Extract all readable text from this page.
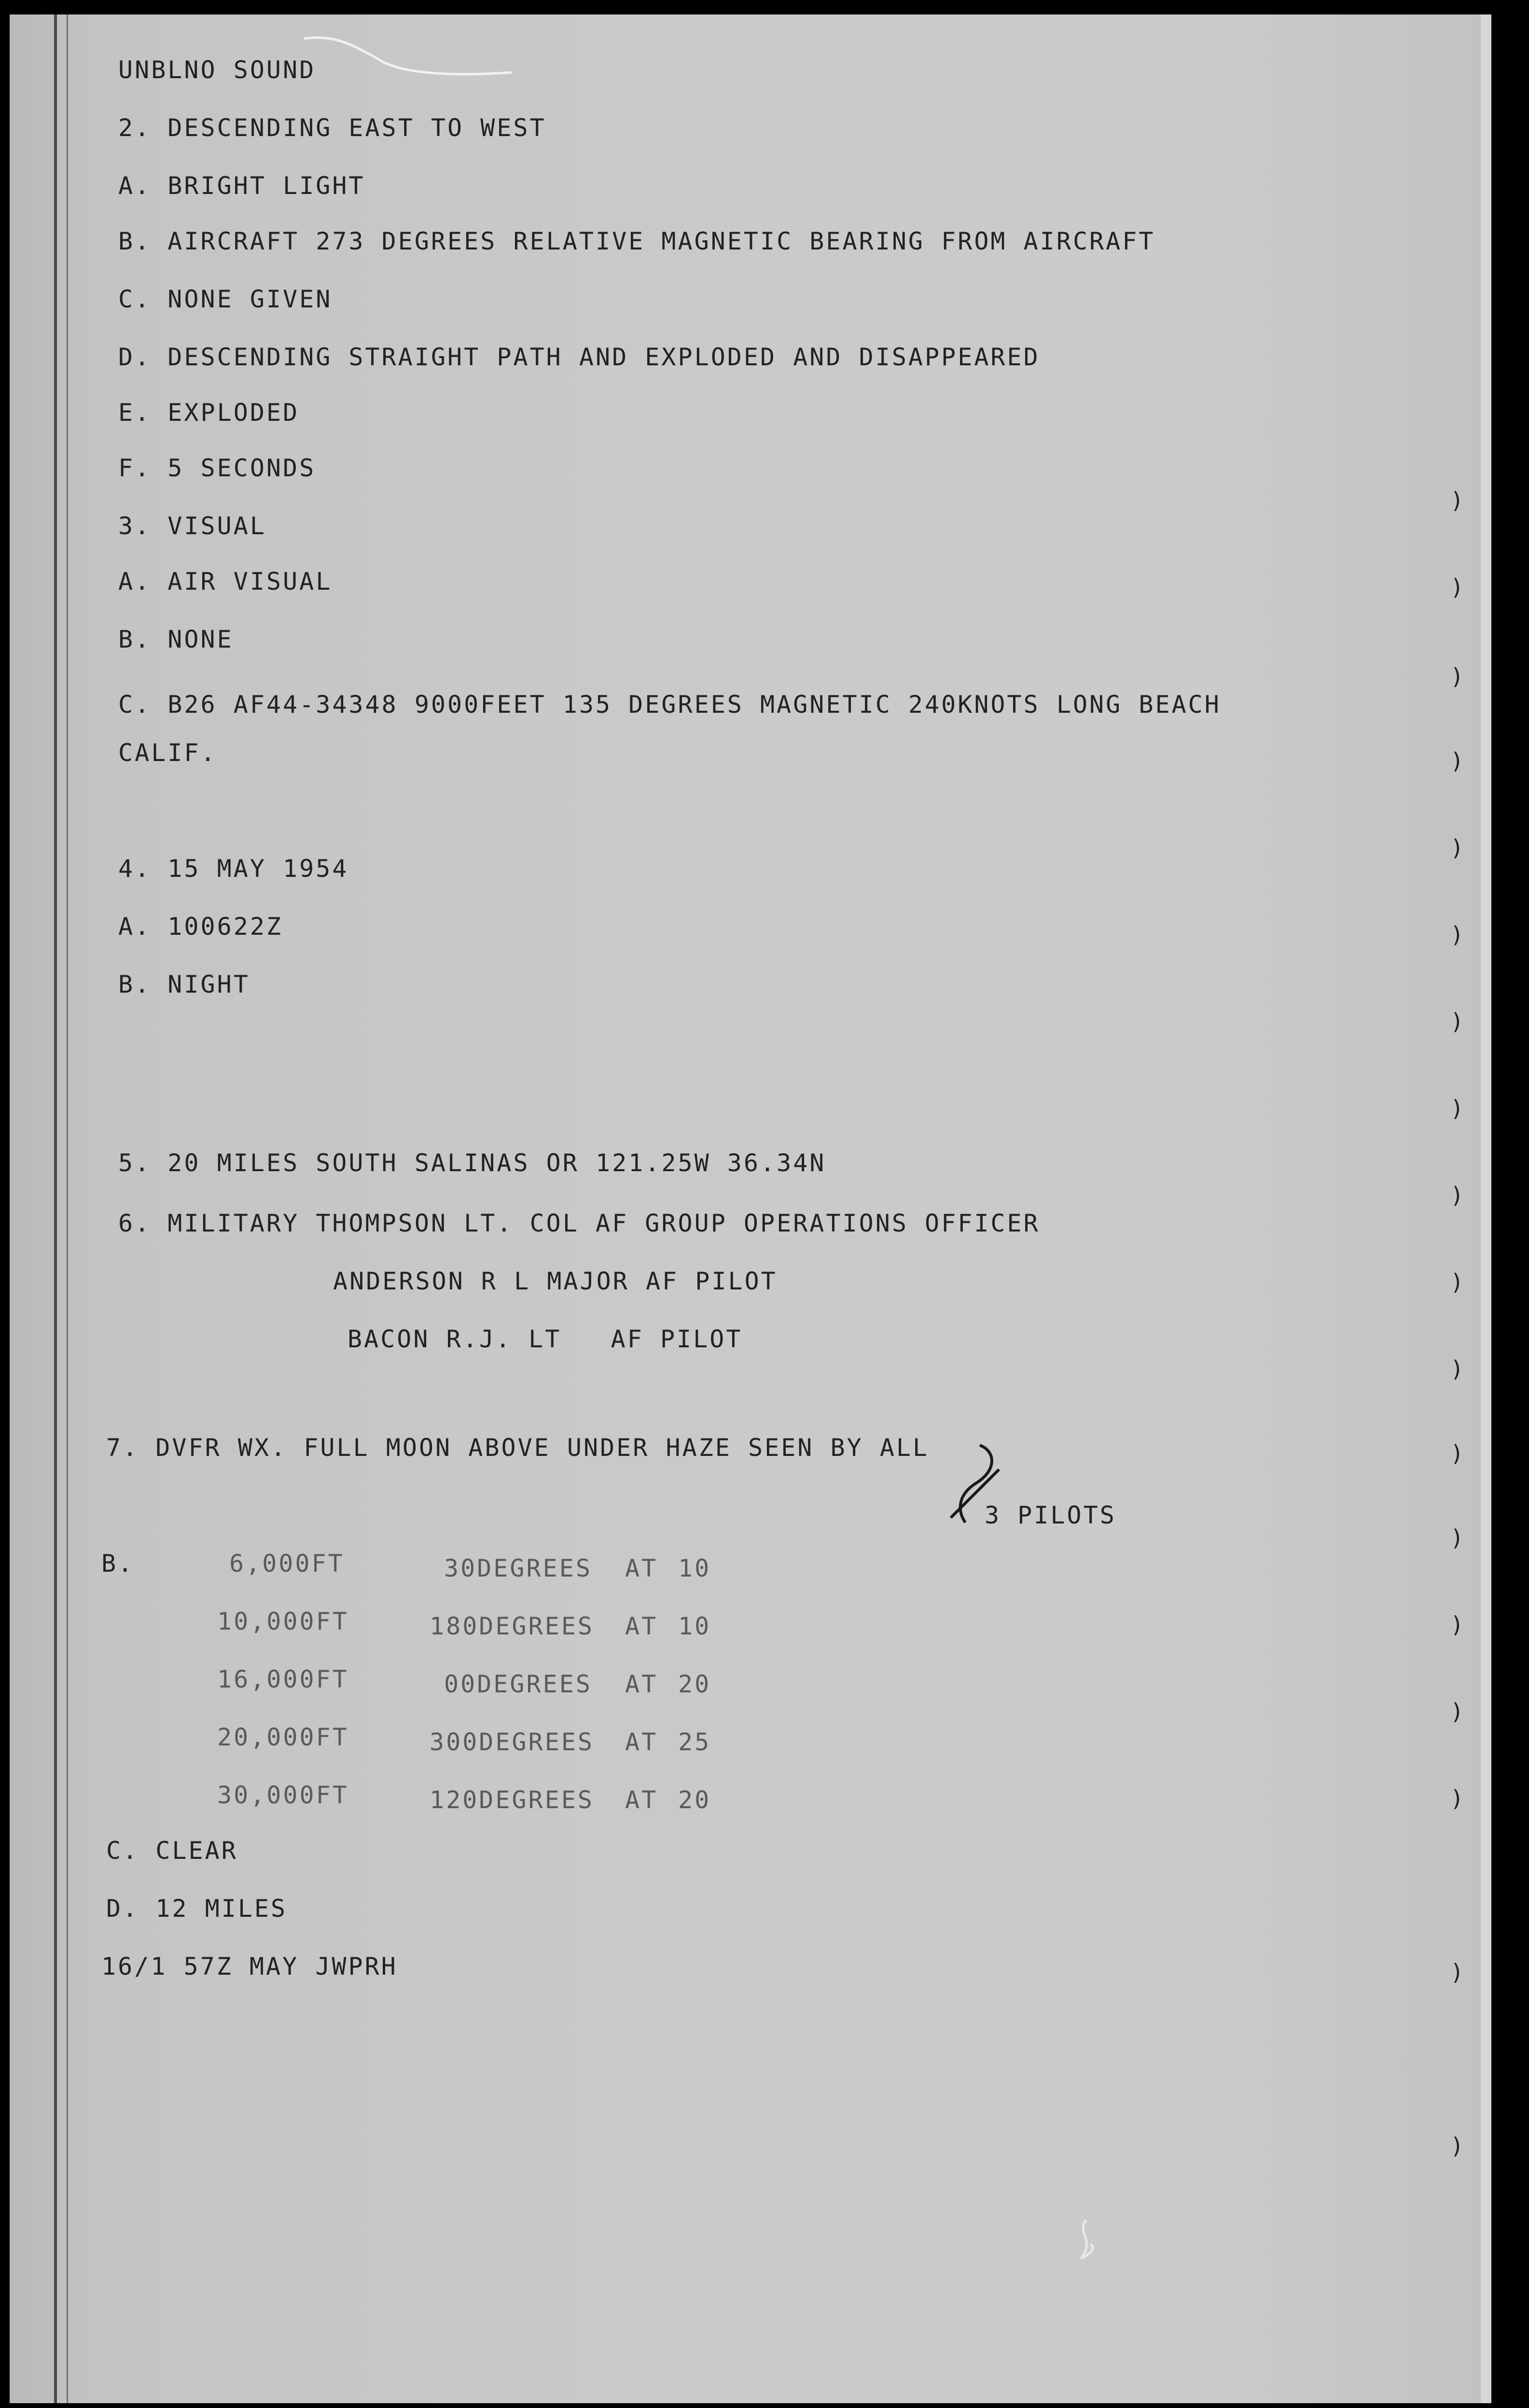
UNBLNO SOUND
2. DESCENDING EAST TO WEST
A. BRIGHT LIGHT
B. AIRCRAFT 273 DEGREES RELATIVE MAGNETIC BEARING FROM AIRCRAFT
C. NONE GIVEN
D. DESCENDING STRAIGHT PATH AND EXPLODED AND DISAPPEARED
E. EXPLODED
F. 5 SECONDS
3. VISUAL
A. AIR VISUAL
B. NONE
C. B26 AF44-34348 9000FEET 135 DEGREES MAGNETIC 240KNOTS LONG BEACH
CALIF.
4. 15 MAY 1954
A. 100622Z
B. NIGHT
5. 20 MILES SOUTH SALINAS OR 121.25W 36.34N
6. MILITARY THOMPSON LT. COL AF GROUP OPERATIONS OFFICER
ANDERSON R L MAJOR AF PILOT
BACON R.J. LT   AF PILOT
7. DVFR WX. FULL MOON ABOVE UNDER HAZE SEEN BY ALL
3 PILOTS
B.	6,000FT	30DEGREES AT 10
10,000FT	180DEGREES AT 10
16,000FT	00DEGREES AT 20
20,000FT	300DEGREES AT 25
30,000FT	120DEGREES AT 20
C. CLEAR
D. 12 MILES
16/1 57Z MAY JWPRH
)
)
)
)
)
)
)
)
)
)
)
)
)
)
)
)
)
)
